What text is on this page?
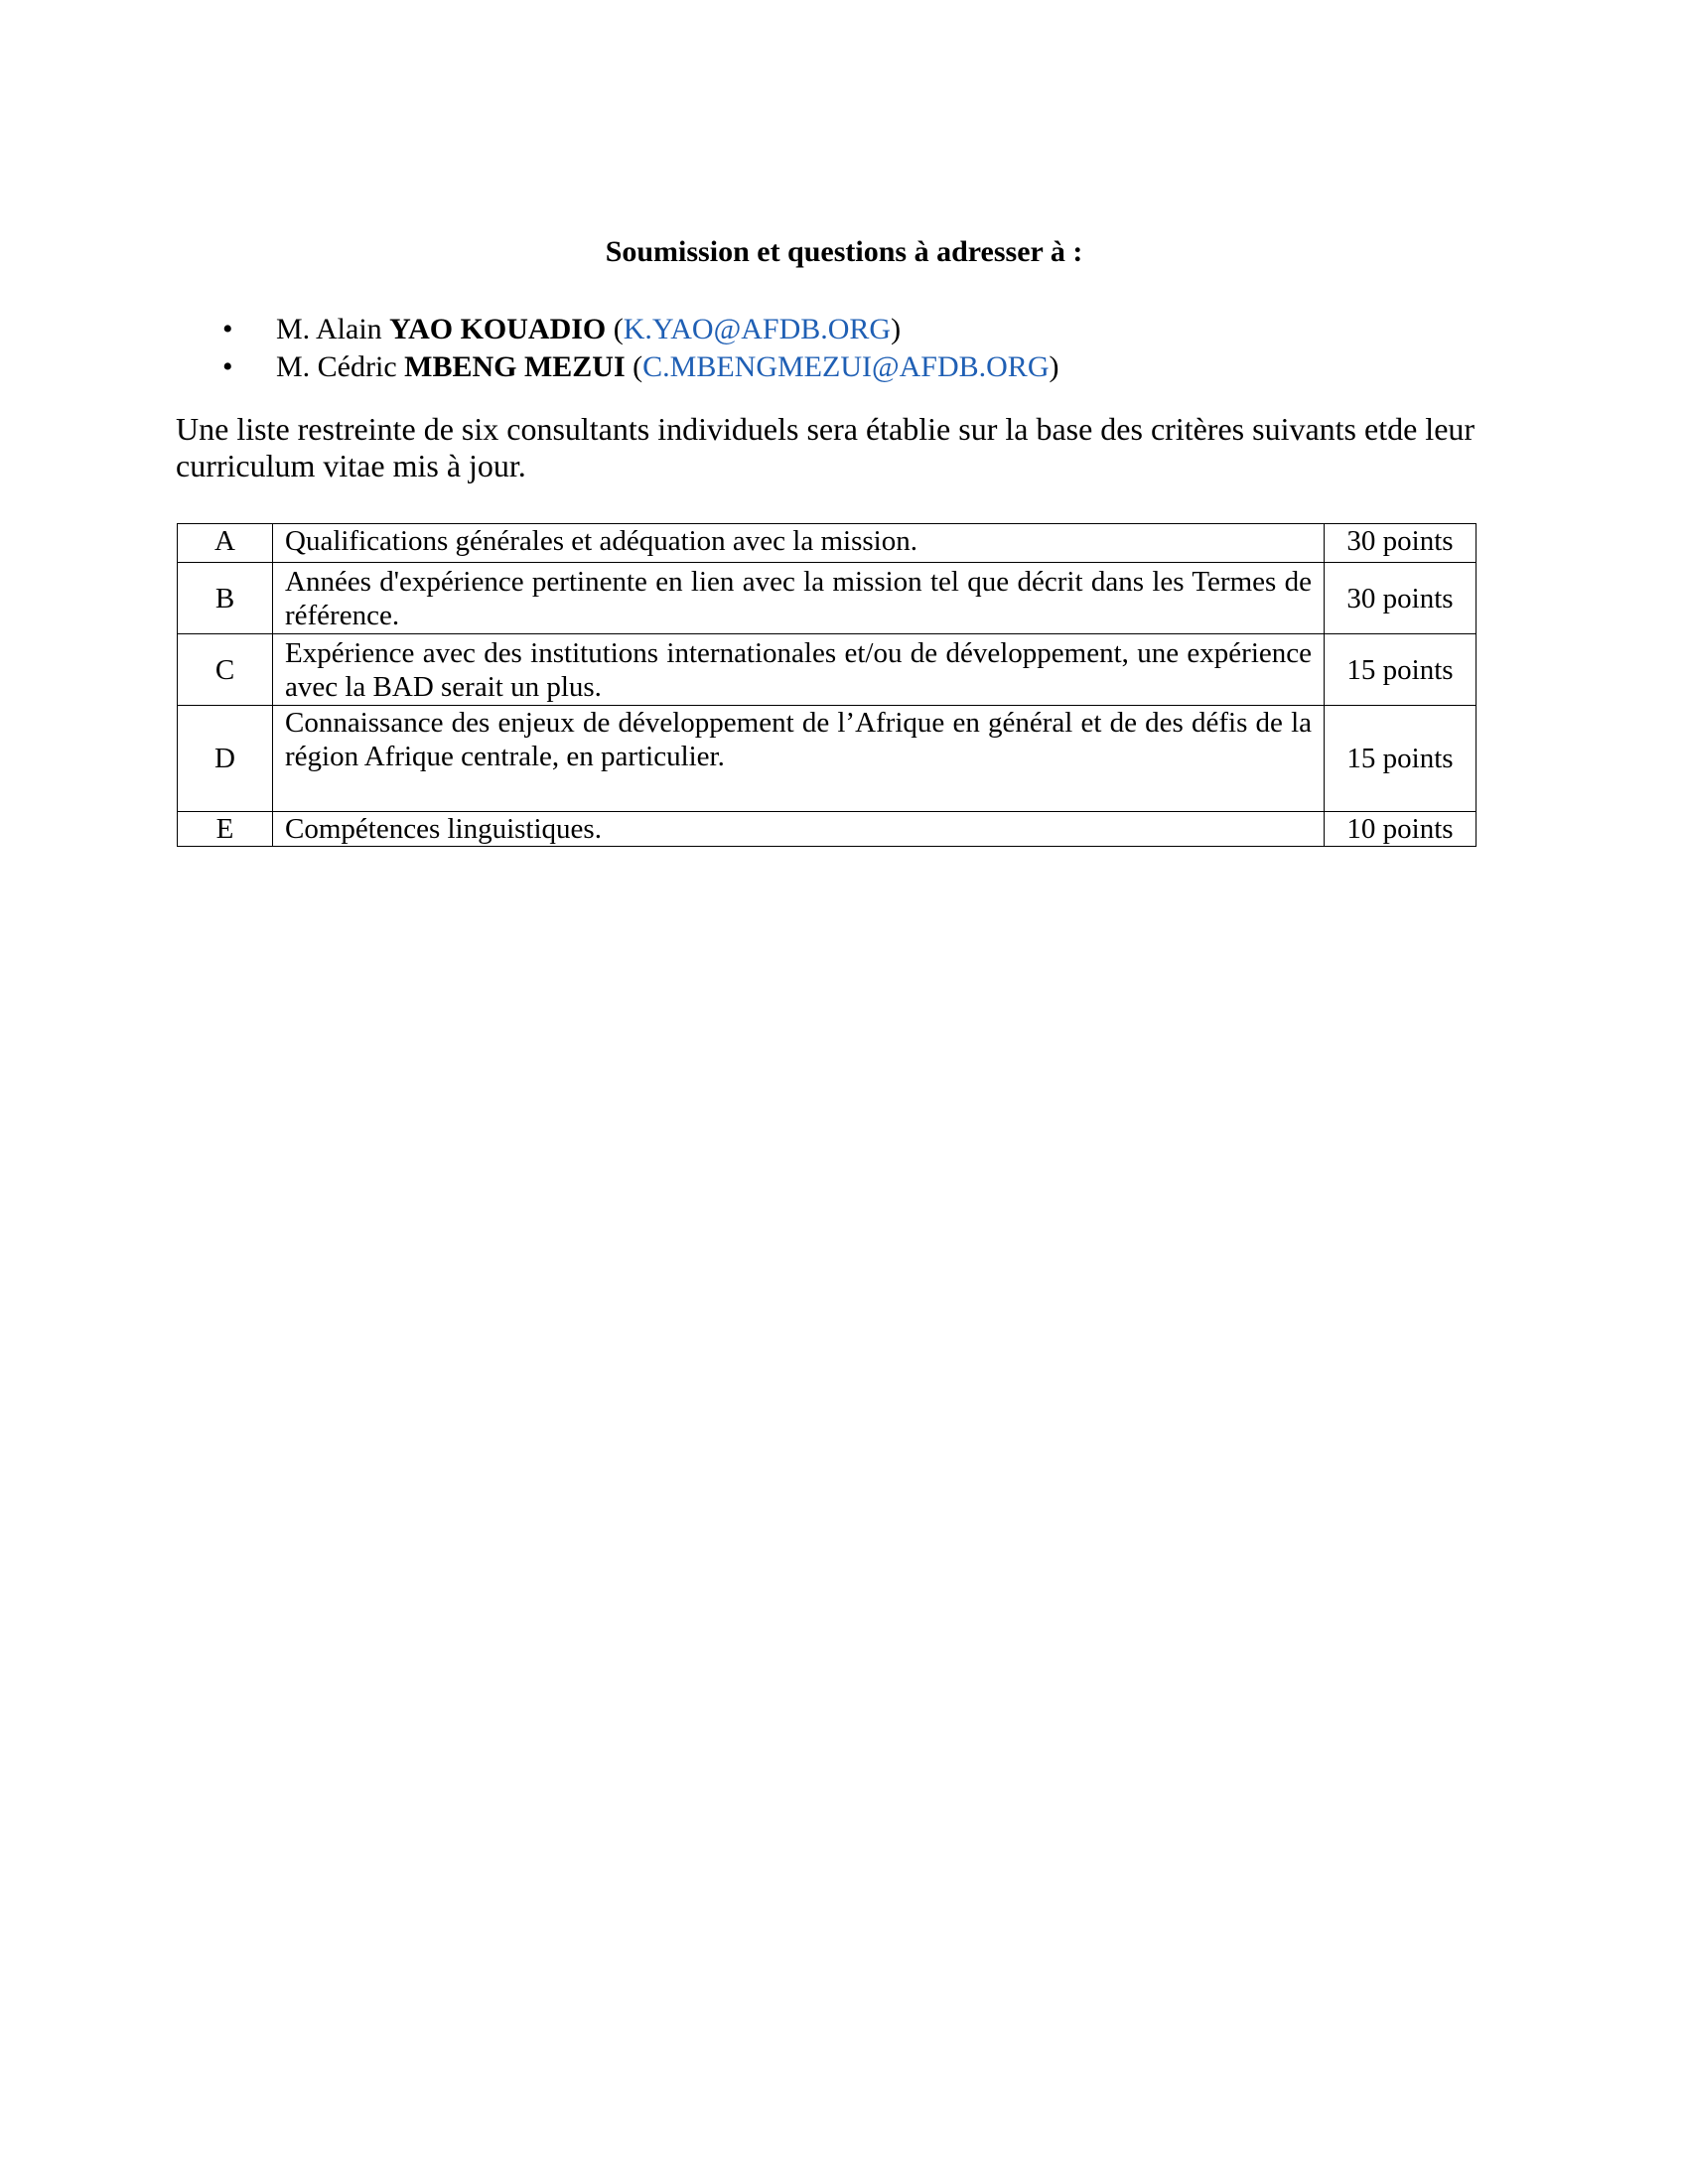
Soumission et questions à adresser à :
• M. Alain YAO KOUADIO (K.YAO@AFDB.ORG)
• M. Cédric MBENG MEZUI (C.MBENGMEZUI@AFDB.ORG)

Une liste restreinte de six consultants individuels sera établie sur la base des critères suivants etde leur curriculum vitae mis à jour.

A	Qualifications générales et adéquation avec la mission.	30 points
B	Années d'expérience pertinente en lien avec la mission tel que décrit dans les Termes de référence.	30 points
C	Expérience avec des institutions internationales et/ou de développement, une expérience avec la BAD serait un plus.	15 points
D	Connaissance des enjeux de développement de l’Afrique en général et de des défis de la région Afrique centrale, en particulier.	15 points
E	Compétences linguistiques.	10 points
